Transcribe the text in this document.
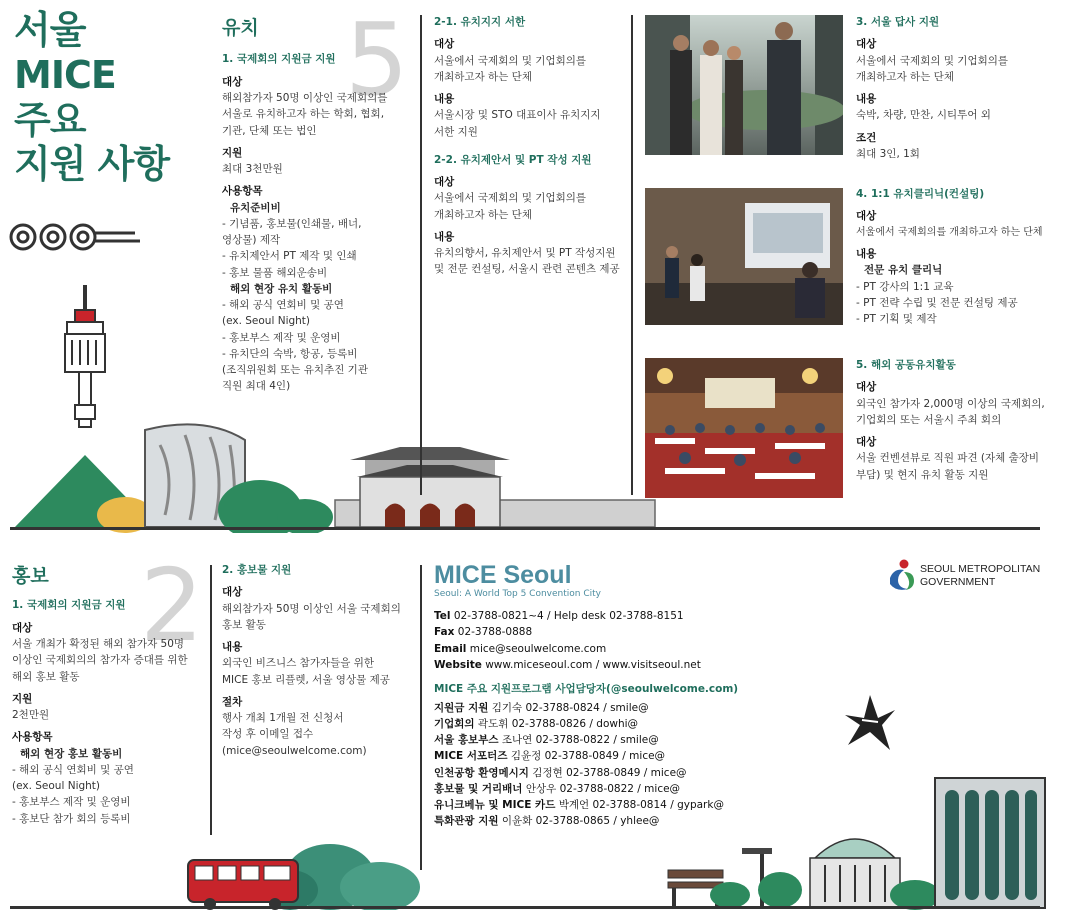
서울
MICE
주요
지원 사항
5
유치
1. 국제회의 지원금 지원
대상
해외참가자 50명 이상인 국제회의를
서울로 유치하고자 하는 학회, 협회,
기관, 단체 또는 법인
지원
최대 3천만원
사용항목
유치준비비
- 기념품, 홍보물(인쇄물, 배너,
영상물) 제작
- 유치제안서 PT 제작 및 인쇄
- 홍보 물품 해외운송비
해외 현장 유치 활동비
- 해외 공식 연회비 및 공연
(ex. Seoul Night)
- 홍보부스 제작 및 운영비
- 유치단의 숙박, 항공, 등록비
(조직위원회 또는 유치추진 기관
직원 최대 4인)
2-1. 유치지지 서한
대상
서울에서 국제회의 및 기업회의를
개최하고자 하는 단체
내용
서울시장 및 STO 대표이사 유치지지
서한 지원
2-2. 유치제안서 및 PT 작성 지원
대상
서울에서 국제회의 및 기업회의를
개최하고자 하는 단체
내용
유치의향서, 유치제안서 및 PT 작성지원
및 전문 컨설팅, 서울시 관련 콘텐츠 제공
3. 서울 답사 지원
대상
서울에서 국제회의 및 기업회의를
개최하고자 하는 단체
내용
숙박, 차량, 만찬, 시티투어 외
조건
최대 3인, 1회
4. 1:1 유치클리닉(컨설팅)
대상
서울에서 국제회의를 개최하고자 하는 단체
내용
전문 유치 클리닉
- PT 강사의 1:1 교육
- PT 전략 수립 및 전문 컨설팅 제공
- PT 기획 및 제작
5. 해외 공동유치활동
대상
외국인 참가자 2,000명 이상의 국제회의,
기업회의 또는 서울시 주최 회의
대상
서울 컨벤션뷰로 직원 파견 (자체 출장비
부담) 및 현지 유치 활동 지원
2
홍보
1. 국제회의 지원금 지원
대상
서울 개최가 확정된 해외 참가자 50명
이상인 국제회의의 참가자 증대를 위한
해외 홍보 활동
지원
2천만원
사용항목
해외 현장 홍보 활동비
- 해외 공식 연회비 및 공연
(ex. Seoul Night)
- 홍보부스 제작 및 운영비
- 홍보단 참가 회의 등록비
2. 홍보물 지원
대상
해외참가자 50명 이상인 서울 국제회의
홍보 활동
내용
외국인 비즈니스 참가자들을 위한
MICE 홍보 리플렛, 서울 영상물 제공
절차
행사 개최 1개월 전 신청서
작성 후 이메일 접수
(mice@seoulwelcome.com)
MICE Seoul
Seoul: A World Top 5 Convention City
Tel 02-3788-0821~4 / Help desk 02-3788-8151
Fax 02-3788-0888
Email mice@seoulwelcome.com
Website www.miceseoul.com / www.visitseoul.net
MICE 주요 지원프로그램 사업담당자(@seoulwelcome.com)
지원금 지원 김기숙 02-3788-0824 / smile@
기업회의 곽도휘 02-3788-0826 / dowhi@
서울 홍보부스 조나연 02-3788-0822 / smile@
MICE 서포터즈 김윤정 02-3788-0849 / mice@
인천공항 환영메시지 김정현 02-3788-0849 / mice@
홍보물 및 거리배너 안상우 02-3788-0822 / mice@
유니크베뉴 및 MICE 카드 박계언 02-3788-0814 / gypark@
특화관광 지원 이윤화 02-3788-0865 / yhlee@
SEOUL METROPOLITAN
GOVERNMENT
